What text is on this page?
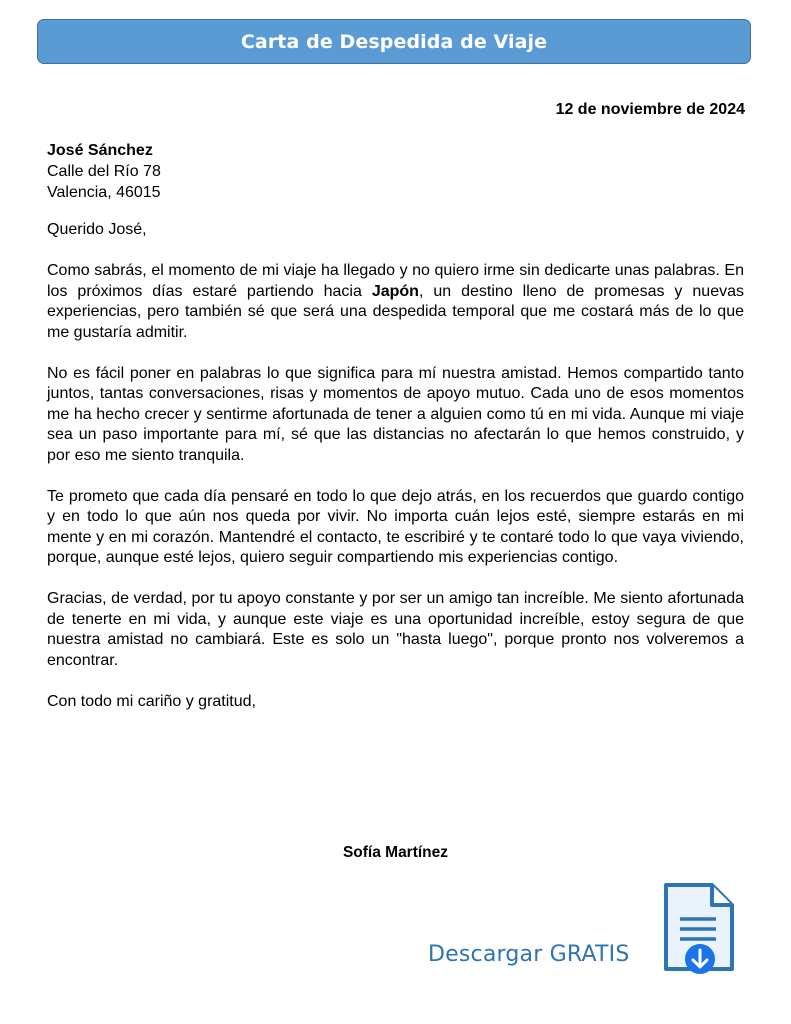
Carta de Despedida de Viaje
12 de noviembre de 2024
José Sánchez
Calle del Río 78
Valencia, 46015

Querido José,

Como sabrás, el momento de mi viaje ha llegado y no quiero irme sin dedicarte unas palabras. En los próximos días estaré partiendo hacia Japón, un destino lleno de promesas y nuevas experiencias, pero también sé que será una despedida temporal que me costará más de lo que me gustaría admitir.

No es fácil poner en palabras lo que significa para mí nuestra amistad. Hemos compartido tanto juntos, tantas conversaciones, risas y momentos de apoyo mutuo. Cada uno de esos momentos me ha hecho crecer y sentirme afortunada de tener a alguien como tú en mi vida. Aunque mi viaje sea un paso importante para mí, sé que las distancias no afectarán lo que hemos construido, y por eso me siento tranquila.

Te prometo que cada día pensaré en todo lo que dejo atrás, en los recuerdos que guardo contigo y en todo lo que aún nos queda por vivir. No importa cuán lejos esté, siempre estarás en mi mente y en mi corazón. Mantendré el contacto, te escribiré y te contaré todo lo que vaya viviendo, porque, aunque esté lejos, quiero seguir compartiendo mis experiencias contigo.

Gracias, de verdad, por tu apoyo constante y por ser un amigo tan increíble. Me siento afortunada de tenerte en mi vida, y aunque este viaje es una oportunidad increíble, estoy segura de que nuestra amistad no cambiará. Este es solo un "hasta luego", porque pronto nos volveremos a encontrar.

Con todo mi cariño y gratitud,

Sofía Martínez
Descargar GRATIS
